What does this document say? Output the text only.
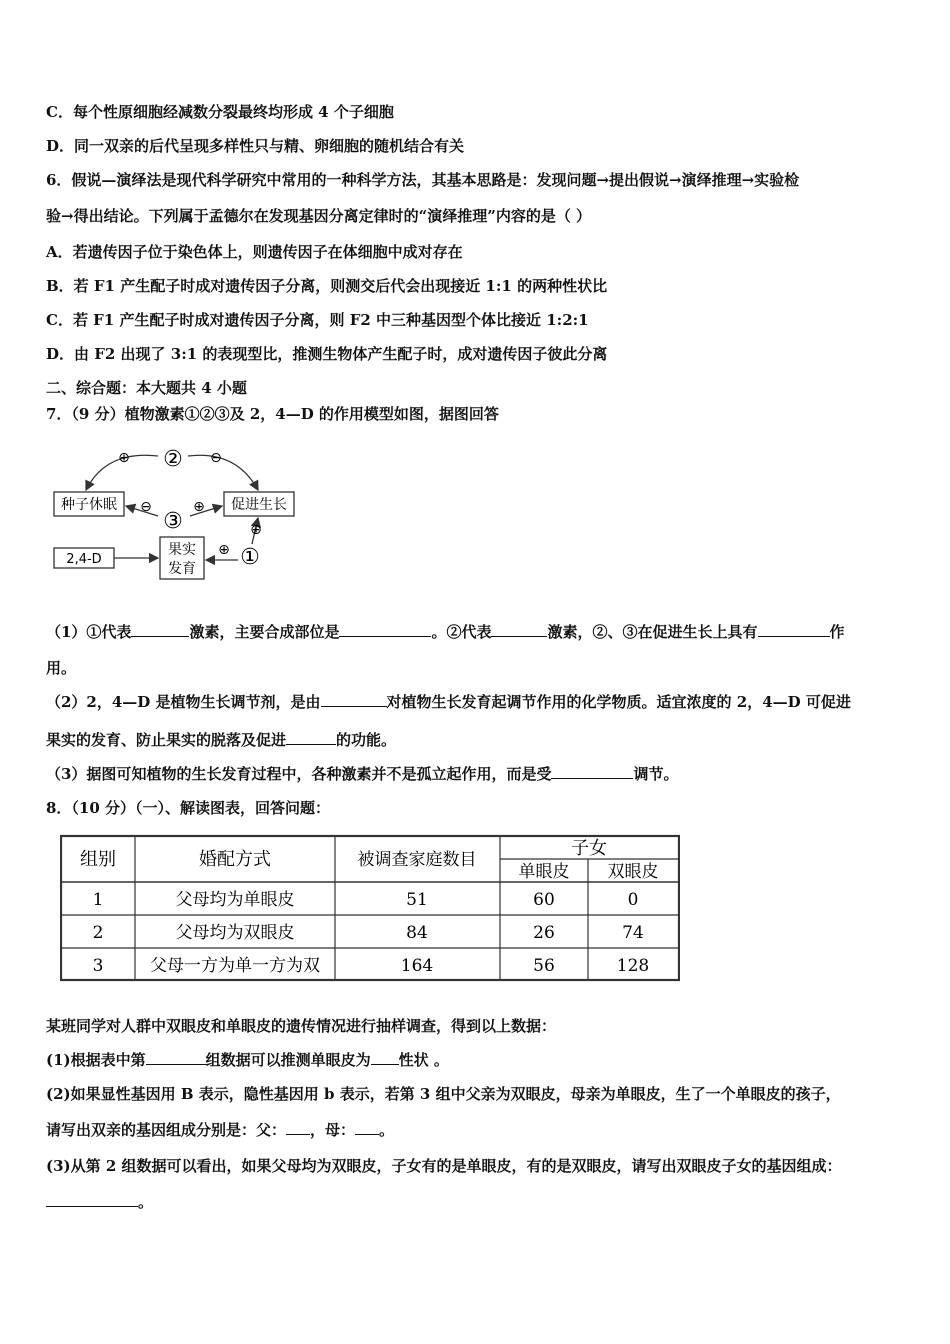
C．每个性原细胞经减数分裂最终均形成 4 个子细胞
D．同一双亲的后代呈现多样性只与精、卵细胞的随机结合有关
6．假说—演绎法是现代科学研究中常用的一种科学方法，其基本思路是：发现问题→提出假说→演绎推理→实验检
验→得出结论。下列属于孟德尔在发现基因分离定律时的“演绎推理”内容的是（ ）
A．若遗传因子位于染色体上，则遗传因子在体细胞中成对存在
B．若 F1 产生配子时成对遗传因子分离，则测交后代会出现接近 1:1 的两种性状比
C．若 F1 产生配子时成对遗传因子分离，则 F2 中三种基因型个体比接近 1:2:1
D．由 F2 出现了 3:1 的表现型比，推测生物体产生配子时，成对遗传因子彼此分离
二、综合题：本大题共 4 小题
7．（9 分）植物激素①②③及 2，4—D 的作用模型如图，据图回答
种子休眠	促进生长
2,4-D
果实
发育
②
③
①
⊕	⊖
⊖	⊕
⊕
⊕
（1）①代表	激素，主要合成部位是	。②代表	激素，②、③在促进生长上具有	作
用。
（2）2，4—D 是植物生长调节剂，是由	对植物生长发育起调节作用的化学物质。适宜浓度的 2，4—D 可促进
果实的发育、防止果实的脱落及促进	的功能。
（3）据图可知植物的生长发育过程中，各种激素并不是孤立起作用，而是受	调节。
8．（10 分）（一）、解读图表，回答问题：
组别	婚配方式	被调查家庭数目
子女
单眼皮 双眼皮
1	父母均为单眼皮	51	60	0
2	父母均为双眼皮	84	26	74
3	父母一方为单一方为双	164	56	128
某班同学对人群中双眼皮和单眼皮的遗传情况进行抽样调查，得到以上数据：
(1)根据表中第	组数据可以推测单眼皮为 性状 。
(2)如果显性基因用 B 表示，隐性基因用 b 表示，若第 3 组中父亲为双眼皮，母亲为单眼皮，生了一个单眼皮的孩子，
请写出双亲的基因组成分别是：父： ，母： 。
(3)从第 2 组数据可以看出，如果父母均为双眼皮，子女有的是单眼皮，有的是双眼皮，请写出双眼皮子女的基因组成：
。
